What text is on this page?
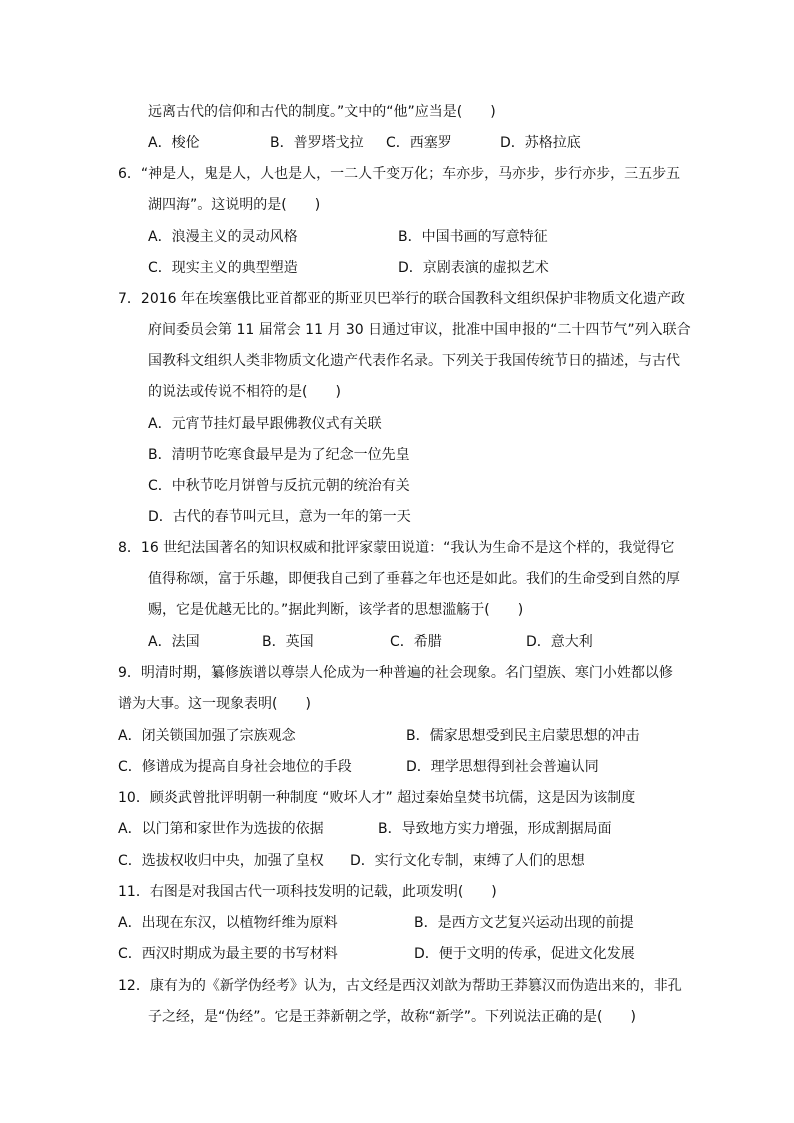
远离古代的信仰和古代的制度。”文中的“他”应当是(　　)
A．梭伦	B．普罗塔戈拉 C．西塞罗	D．苏格拉底
6．“神是人，鬼是人，人也是人，一二人千变万化；车亦步，马亦步，步行亦步，三五步五
湖四海”。这说明的是(　　)
A．浪漫主义的灵动风格	B．中国书画的写意特征
C．现实主义的典型塑造	D．京剧表演的虚拟艺术
7．2016 年在埃塞俄比亚首都亚的斯亚贝巴举行的联合国教科文组织保护非物质文化遗产政
府间委员会第 11 届常会 11 月 30 日通过审议，批准中国申报的“二十四节气”列入联合
国教科文组织人类非物质文化遗产代表作名录。下列关于我国传统节日的描述，与古代
的说法或传说不相符的是(　　)
A．元宵节挂灯最早跟佛教仪式有关联
B．清明节吃寒食最早是为了纪念一位先皇
C．中秋节吃月饼曾与反抗元朝的统治有关
D．古代的春节叫元旦，意为一年的第一天
8．16 世纪法国著名的知识权威和批评家蒙田说道：“我认为生命不是这个样的，我觉得它
值得称颂，富于乐趣，即便我自己到了垂暮之年也还是如此。我们的生命受到自然的厚
赐，它是优越无比的。”据此判断，该学者的思想滥觞于(　　)
A．法国	B．英国	C．希腊	D．意大利
9．明清时期，纂修族谱以尊崇人伦成为一种普遍的社会现象。名门望族、寒门小姓都以修
谱为大事。这一现象表明(　　)
A．闭关锁国加强了宗族观念	B．儒家思想受到民主启蒙思想的冲击
C．修谱成为提高自身社会地位的手段	D．理学思想得到社会普遍认同
10．顾炎武曾批评明朝一种制度 “败坏人才” 超过秦始皇焚书坑儒，这是因为该制度
A．以门第和家世作为选拔的依据	B．导致地方实力增强，形成割据局面
C．选拔权收归中央，加强了皇权 D．实行文化专制，束缚了人们的思想
11．右图是对我国古代一项科技发明的记载，此项发明(　　)
A．出现在东汉，以植物纤维为原料	B．是西方文艺复兴运动出现的前提
C．西汉时期成为最主要的书写材料	D．便于文明的传承，促进文化发展
12．康有为的《新学伪经考》认为，古文经是西汉刘歆为帮助王莽篡汉而伪造出来的，非孔
子之经，是“伪经”。它是王莽新朝之学，故称“新学”。下列说法正确的是(　　)
